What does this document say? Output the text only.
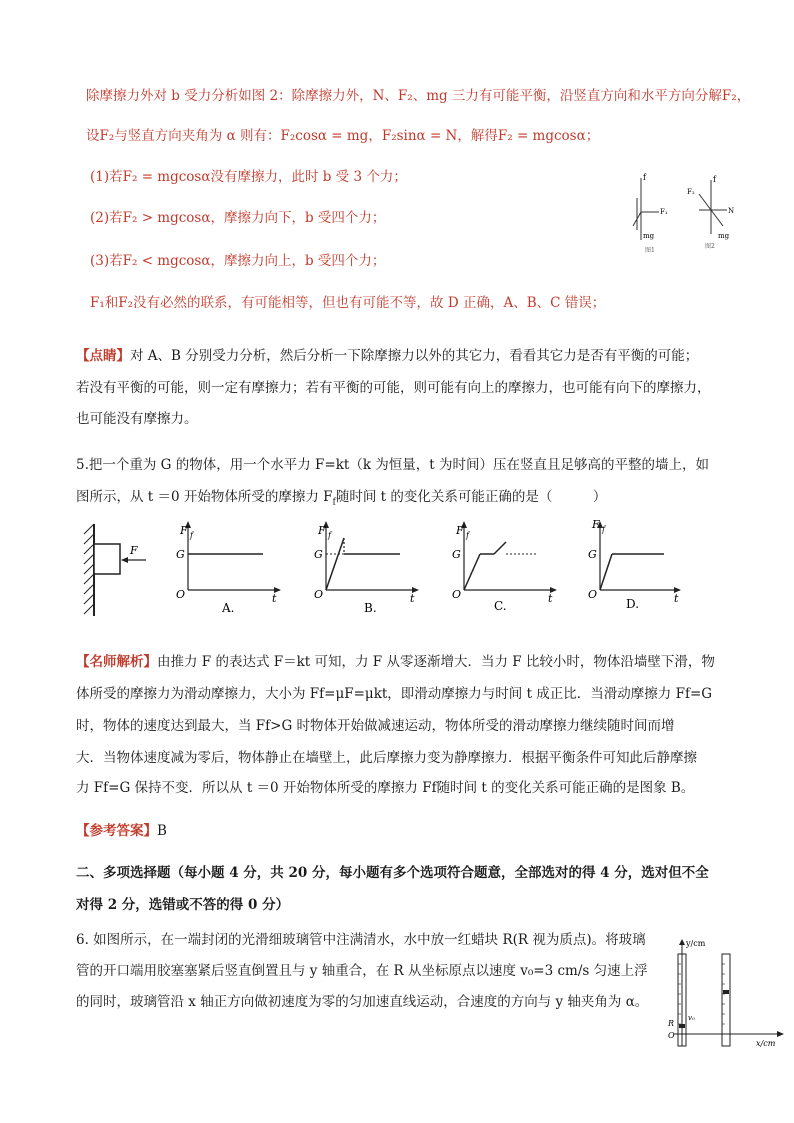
除摩擦力外对 b 受力分析如图 2：除摩擦力外，N、F₂、mg 三力有可能平衡，沿竖直方向和水平方向分解F₂，
设F₂与竖直方向夹角为 α 则有：F₂cosα = mg，F₂sinα = N，解得F₂ = mgcosα；
(1)若F₂ = mgcosα没有摩擦力，此时 b 受 3 个力；
(2)若F₂ > mgcosα，摩擦力向下，b 受四个力；
(3)若F₂ < mgcosα，摩擦力向上，b 受四个力；
F₁和F₂没有必然的联系，有可能相等，但也有可能不等，故 D 正确，A、B、C 错误；
f
F₁
mg
图1
f
F₂
N
mg
图2
【点睛】对 A、B 分别受力分析，然后分析一下除摩擦力以外的其它力，看看其它力是否有平衡的可能；
若没有平衡的可能，则一定有摩擦力；若有平衡的可能，则可能有向上的摩擦力，也可能有向下的摩擦力，
也可能没有摩擦力。
5.把一个重为 G 的物体，用一个水平力 F=kt（k 为恒量，t 为时间）压在竖直且足够高的平整的墙上，如
图所示，从 t ＝0 开始物体所受的摩擦力 $F_f$随时间 t 的变化关系可能正确的是（　　　）
F
F f
G
O	t
A.
F f
G
O	t
B.
F f
G
O	t
C.
F f
G
O	t
D.
【名师解析】由推力 F 的表达式 F＝kt 可知，力 F 从零逐渐增大．当力 F 比较小时，物体沿墙壁下滑，物
体所受的摩擦力为滑动摩擦力，大小为 Ff=μF=μkt，即滑动摩擦力与时间 t 成正比．当滑动摩擦力 Ff=G
时，物体的速度达到最大，当 Ff>G 时物体开始做减速运动，物体所受的滑动摩擦力继续随时间而增
大．当物体速度减为零后，物体静止在墙壁上，此后摩擦力变为静摩擦力．根据平衡条件可知此后静摩擦
力 Ff=G 保持不变．所以从 t ＝0 开始物体所受的摩擦力 Ff随时间 t 的变化关系可能正确的是图象 B。
【参考答案】B
二、多项选择题（每小题 4 分，共 20 分，每小题有多个选项符合题意，全部选对的得 4 分，选对但不全
对得 2 分，选错或不答的得 0 分）
6. 如图所示，在一端封闭的光滑细玻璃管中注满清水，水中放一红蜡块 R(R 视为质点)。将玻璃
管的开口端用胶塞塞紧后竖直倒置且与 y 轴重合，在 R 从坐标原点以速度 v₀=3 cm/s 匀速上浮
的同时，玻璃管沿 x 轴正方向做初速度为零的匀加速直线运动，合速度的方向与 y 轴夹角为 α。
y/cm
x/cm
v₀
R
O
